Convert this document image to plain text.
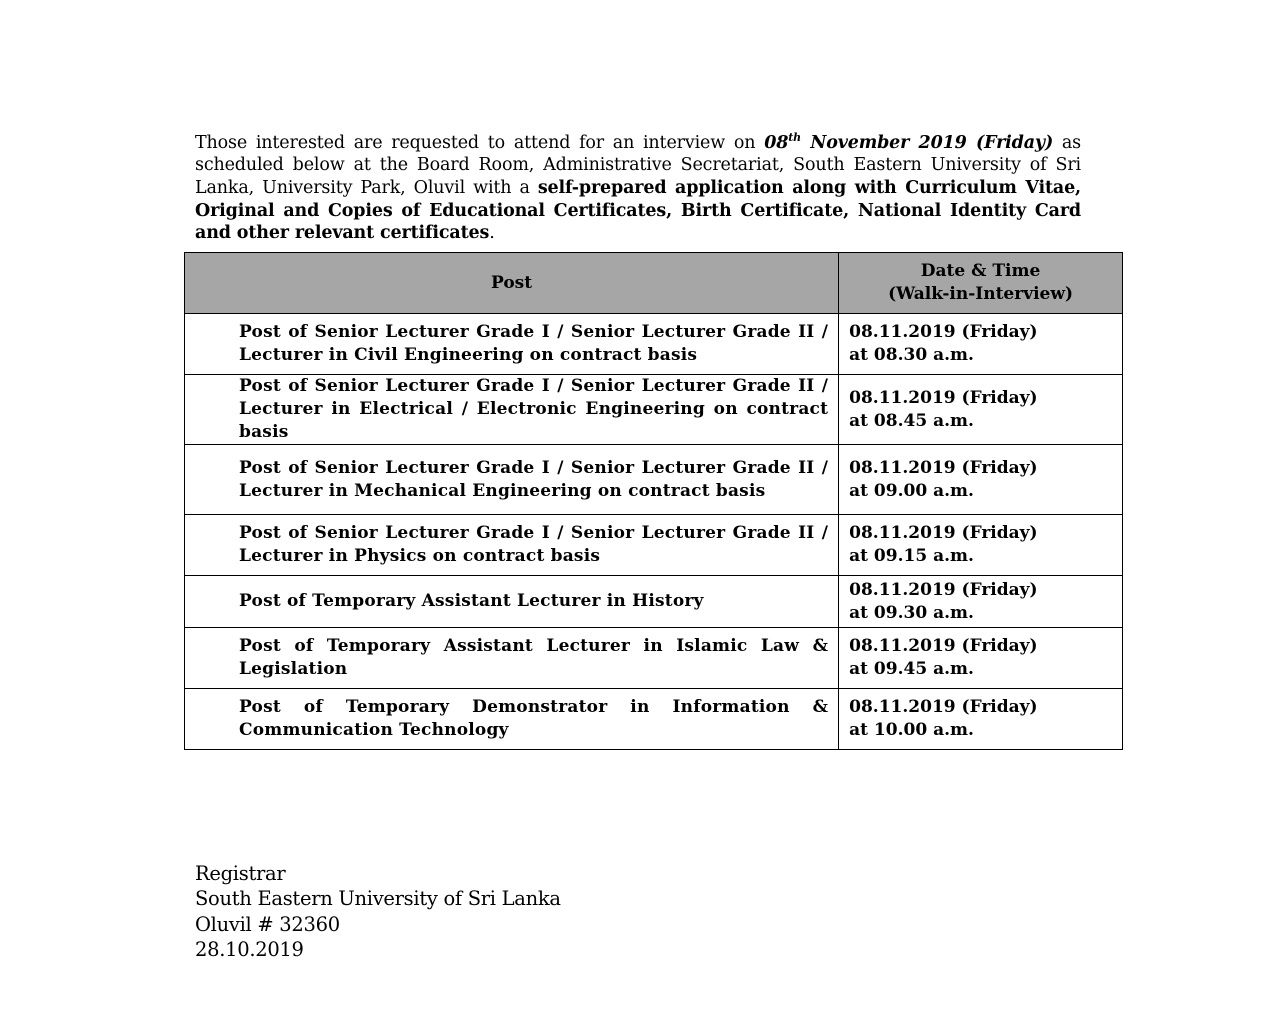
Those interested are requested to attend for an interview on 08th November 2019 (Friday) as scheduled below at the Board Room, Administrative Secretariat, South Eastern University of Sri Lanka, University Park, Oluvil with a self-prepared application along with Curriculum Vitae, Original and Copies of Educational Certificates, Birth Certificate, National Identity Card and other relevant certificates.

Post	Date & Time
(Walk-in-Interview)

Post of Senior Lecturer Grade I / Senior Lecturer Grade II / Lecturer in Civil Engineering on contract basis	08.11.2019 (Friday)
at 08.30 a.m.

Post of Senior Lecturer Grade I / Senior Lecturer Grade II / Lecturer in Electrical / Electronic Engineering on contract basis	08.11.2019 (Friday)
at 08.45 a.m.

Post of Senior Lecturer Grade I / Senior Lecturer Grade II / Lecturer in Mechanical Engineering on contract basis	08.11.2019 (Friday)
at 09.00 a.m.

Post of Senior Lecturer Grade I / Senior Lecturer Grade II / Lecturer in Physics on contract basis	08.11.2019 (Friday)
at 09.15 a.m.

Post of Temporary Assistant Lecturer in History	08.11.2019 (Friday)
at 09.30 a.m.

Post of Temporary Assistant Lecturer in Islamic Law & Legislation	08.11.2019 (Friday)
at 09.45 a.m.

Post of Temporary Demonstrator in Information & Communication Technology	08.11.2019 (Friday)
at 10.00 a.m.
Registrar
South Eastern University of Sri Lanka
Oluvil # 32360
28.10.2019
